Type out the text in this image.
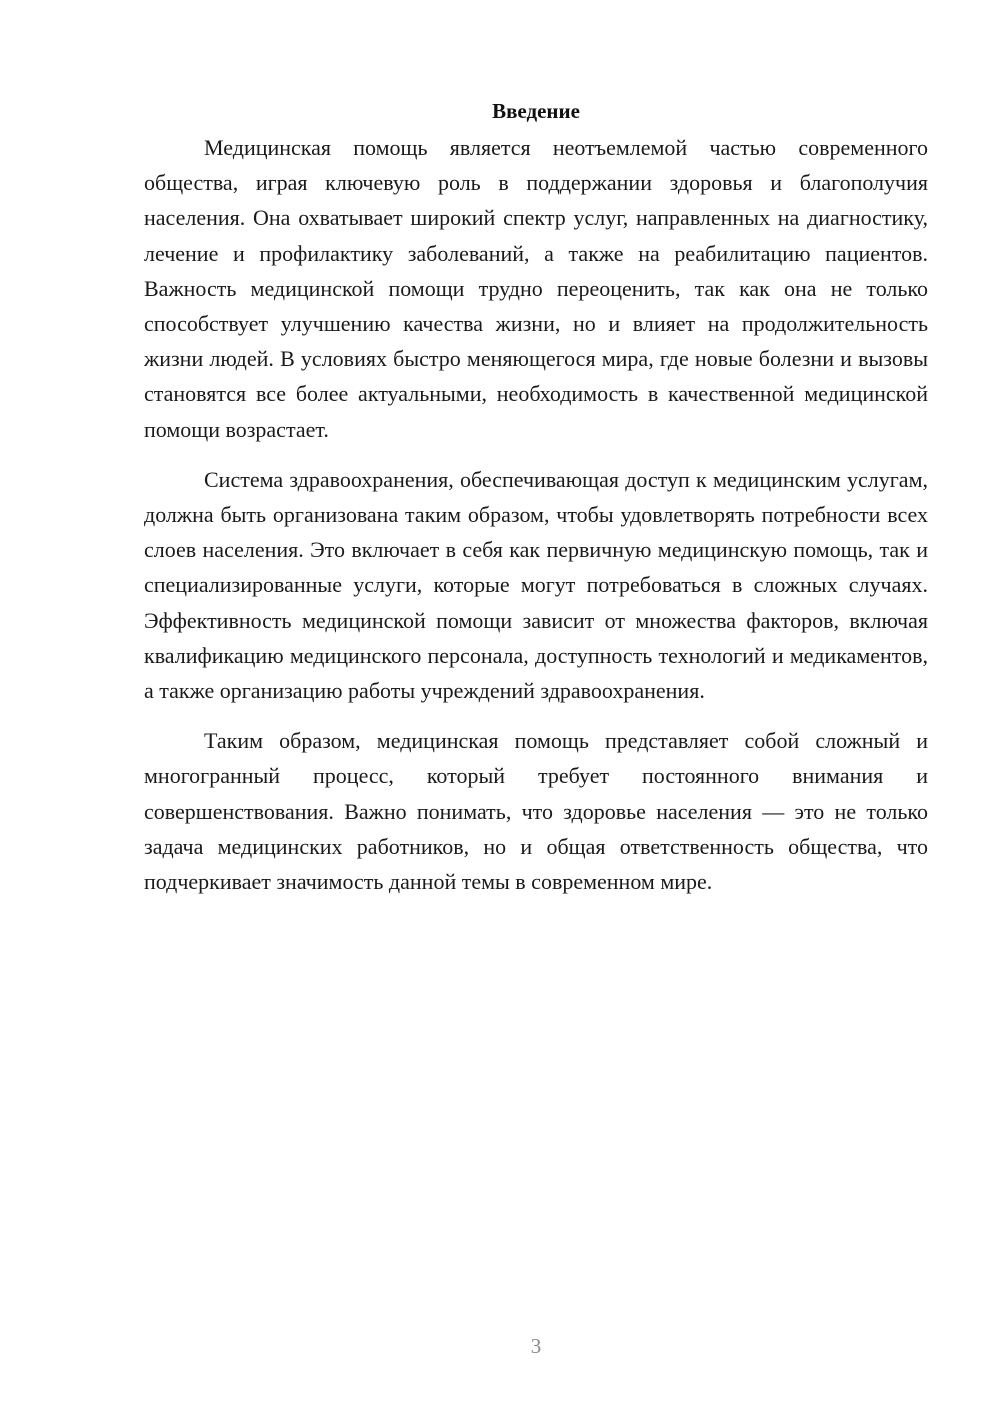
Введение

Медицинская помощь является неотъемлемой частью современного общества, играя ключевую роль в поддержании здоровья и благополучия населения. Она охватывает широкий спектр услуг, направленных на диагностику, лечение и профилактику заболеваний, а также на реабилитацию пациентов. Важность медицинской помощи трудно переоценить, так как она не только способствует улучшению качества жизни, но и влияет на продолжительность жизни людей. В условиях быстро меняющегося мира, где новые болезни и вызовы становятся все более актуальными, необходимость в качественной медицинской помощи возрастает.

Система здравоохранения, обеспечивающая доступ к медицинским услугам, должна быть организована таким образом, чтобы удовлетворять потребности всех слоев населения. Это включает в себя как первичную медицинскую помощь, так и специализированные услуги, которые могут потребоваться в сложных случаях. Эффективность медицинской помощи зависит от множества факторов, включая квалификацию медицинского персонала, доступность технологий и медикаментов, а также организацию работы учреждений здравоохранения.

Таким образом, медицинская помощь представляет собой сложный и многогранный процесс, который требует постоянного внимания и совершенствования. Важно понимать, что здоровье населения — это не только задача медицинских работников, но и общая ответственность общества, что подчеркивает значимость данной темы в современном мире.

3
